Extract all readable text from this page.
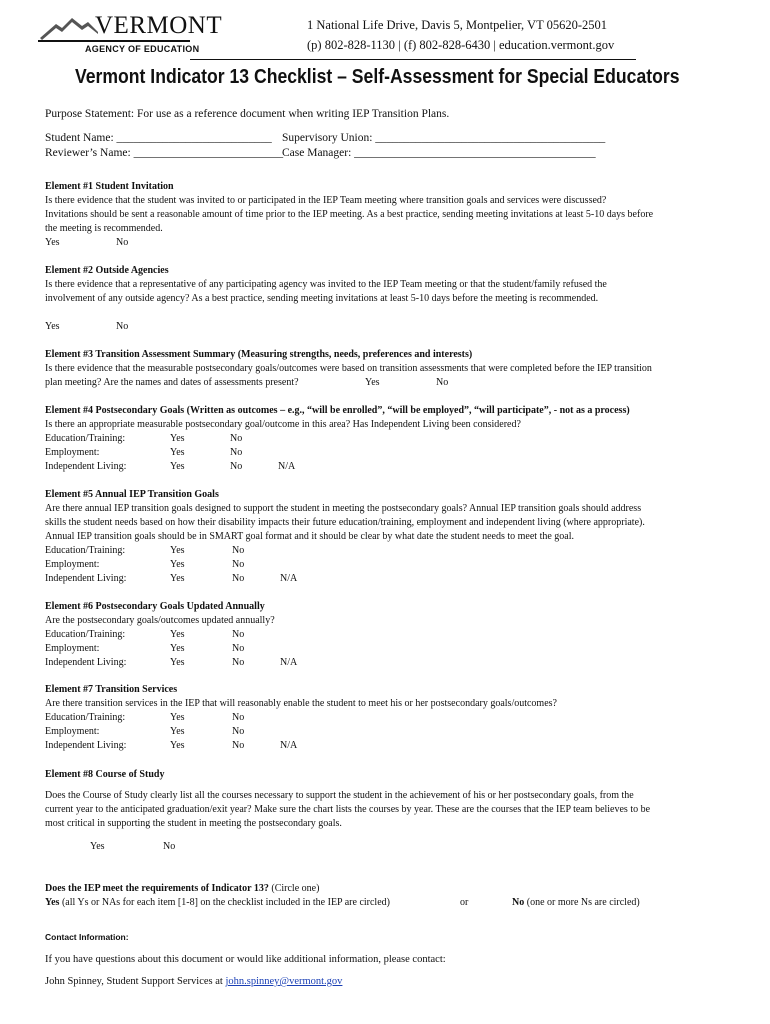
VERMONT
AGENCY OF EDUCATION
1 National Life Drive, Davis 5, Montpelier, VT 05620-2501
(p) 802-828-1130 | (f) 802-828-6430 | education.vermont.gov
Vermont Indicator 13 Checklist – Self-Assessment for Special Educators
Purpose Statement: For use as a reference document when writing IEP Transition Plans.
Student Name: ___________________________ Supervisory Union: ________________________________________
Reviewer’s Name: __________________________
Case Manager: __________________________________________
Element #1 Student Invitation
Is there evidence that the student was invited to or participated in the IEP Team meeting where transition goals and services were discussed?
Invitations should be sent a reasonable amount of time prior to the IEP meeting. As a best practice, sending meeting invitations at least 5-10 days before
the meeting is recommended.
Yes	No
Element #2 Outside Agencies
Is there evidence that a representative of any participating agency was invited to the IEP Team meeting or that the student/family refused the
involvement of any outside agency? As a best practice, sending meeting invitations at least 5-10 days before the meeting is recommended.
Yes	No
Element #3 Transition Assessment Summary (Measuring strengths, needs, preferences and interests)
Is there evidence that the measurable postsecondary goals/outcomes were based on transition assessments that were completed before the IEP transition
plan meeting? Are the names and dates of assessments present?	Yes	No
Element #4 Postsecondary Goals (Written as outcomes – e.g., “will be enrolled”, “will be employed”, “will participate”, - not as a process)
Is there an appropriate measurable postsecondary goal/outcome in this area? Has Independent Living been considered?
Education/Training:	Yes	No
Employment:	Yes	No
Independent Living:	Yes	No	N/A
Element #5 Annual IEP Transition Goals
Are there annual IEP transition goals designed to support the student in meeting the postsecondary goals? Annual IEP transition goals should address
skills the student needs based on how their disability impacts their future education/training, employment and independent living (where appropriate).
Annual IEP transition goals should be in SMART goal format and it should be clear by what date the student needs to meet the goal.
Education/Training:	Yes	No
Employment:	Yes	No
Independent Living:	Yes	No	N/A
Element #6 Postsecondary Goals Updated Annually
Are the postsecondary goals/outcomes updated annually?
Education/Training:	Yes	No
Employment:	Yes	No
Independent Living:	Yes	No	N/A
Element #7 Transition Services
Are there transition services in the IEP that will reasonably enable the student to meet his or her postsecondary goals/outcomes?
Education/Training:	Yes	No
Employment:	Yes	No
Independent Living:	Yes	No	N/A
Element #8 Course of Study
Does the Course of Study clearly list all the courses necessary to support the student in the achievement of his or her postsecondary goals, from the
current year to the anticipated graduation/exit year? Make sure the chart lists the courses by year. These are the courses that the IEP team believes to be
most critical in supporting the student in meeting the postsecondary goals.
Yes	No
Does the IEP meet the requirements of Indicator 13? (Circle one)
Yes (all Ys or NAs for each item [1-8] on the checklist included in the IEP are circled)	or	No (one or more Ns are circled)
Contact Information:
If you have questions about this document or would like additional information, please contact:
John Spinney, Student Support Services at john.spinney@vermont.gov
